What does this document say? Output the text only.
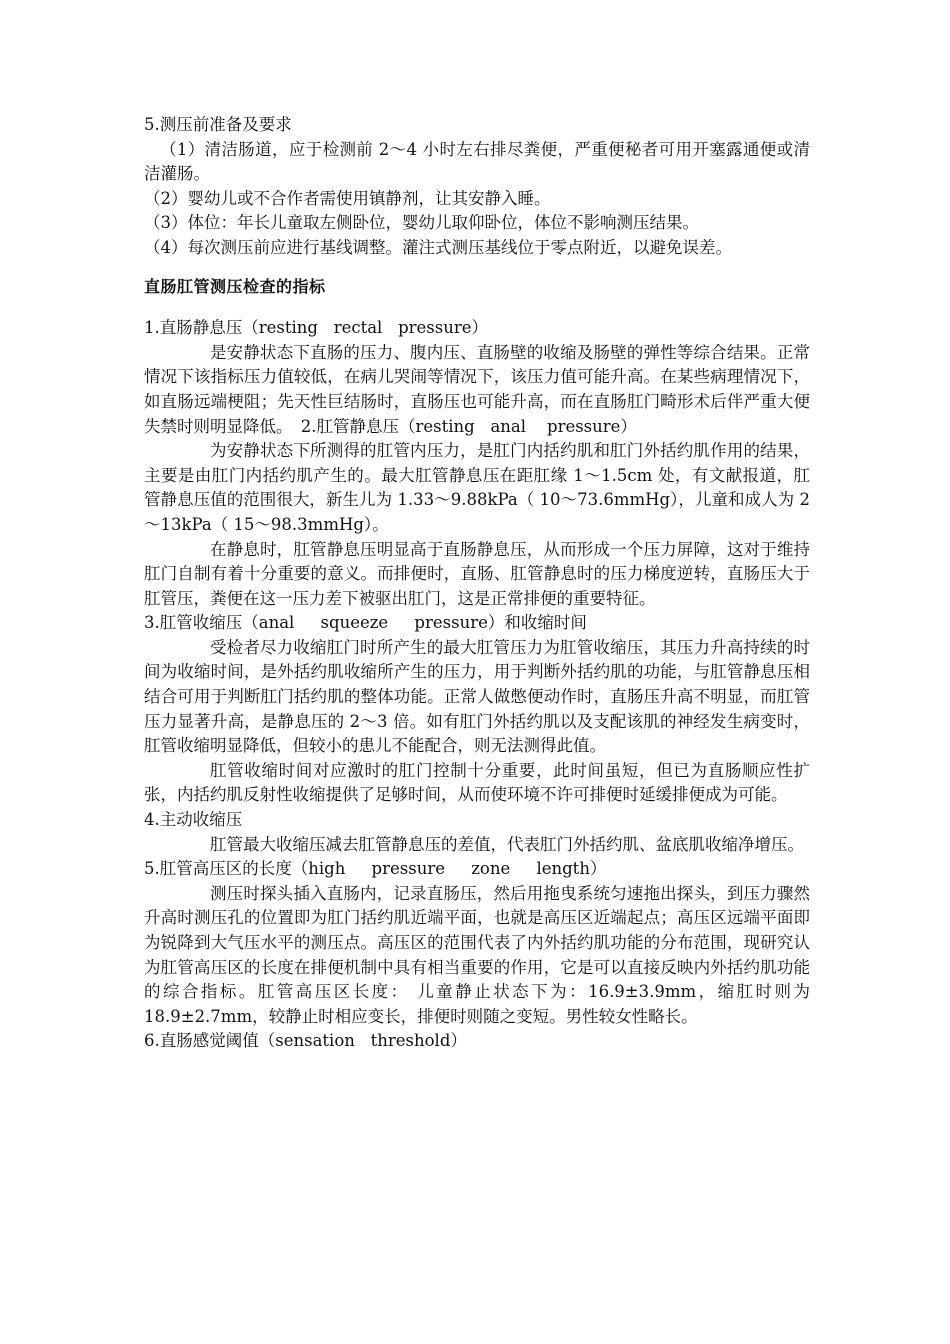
5.测压前准备及要求
（1）清洁肠道，应于检测前 2～4 小时左右排尽粪便，严重便秘者可用开塞露通便或清洁灌肠。
（2）婴幼儿或不合作者需使用镇静剂，让其安静入睡。
（3）体位：年长儿童取左侧卧位，婴幼儿取仰卧位，体位不影响测压结果。
（4）每次测压前应进行基线调整。灌注式测压基线位于零点附近，以避免误差。
直肠肛管测压检查的指标
1.直肠静息压（resting   rectal   pressure）
是安静状态下直肠的压力、腹内压、直肠壁的收缩及肠壁的弹性等综合结果。正常情况下该指标压力值较低，在病儿哭闹等情况下，该压力值可能升高。在某些病理情况下，如直肠远端梗阻；先天性巨结肠时，直肠压也可能升高，而在直肠肛门畸形术后伴严重大便失禁时则明显降低。　2.肛管静息压（resting   anal    pressure）
为安静状态下所测得的肛管内压力，是肛门内括约肌和肛门外括约肌作用的结果，主要是由肛门内括约肌产生的。最大肛管静息压在距肛缘 1～1.5cm 处，有文献报道，肛管静息压值的范围很大，新生儿为 1.33～9.88kPa（ 10～73.6mmHg），儿童和成人为 2～13kPa（ 15～98.3mmHg）。
在静息时，肛管静息压明显高于直肠静息压，从而形成一个压力屏障，这对于维持肛门自制有着十分重要的意义。而排便时，直肠、肛管静息时的压力梯度逆转，直肠压大于肛管压，粪便在这一压力差下被驱出肛门，这是正常排便的重要特征。
3.肛管收缩压（anal     squeeze     pressure）和收缩时间
受检者尽力收缩肛门时所产生的最大肛管压力为肛管收缩压，其压力升高持续的时间为收缩时间，是外括约肌收缩所产生的压力，用于判断外括约肌的功能，与肛管静息压相结合可用于判断肛门括约肌的整体功能。正常人做憋便动作时，直肠压升高不明显，而肛管压力显著升高，是静息压的 2～3 倍。如有肛门外括约肌以及支配该肌的神经发生病变时，肛管收缩明显降低，但较小的患儿不能配合，则无法测得此值。
肛管收缩时间对应激时的肛门控制十分重要，此时间虽短，但已为直肠顺应性扩张，内括约肌反射性收缩提供了足够时间，从而使环境不许可排便时延缓排便成为可能。
4.主动收缩压
肛管最大收缩压减去肛管静息压的差值，代表肛门外括约肌、盆底肌收缩净增压。
5.肛管高压区的长度（high     pressure     zone     length）
测压时探头插入直肠内，记录直肠压，然后用拖曳系统匀速拖出探头，到压力骤然升高时测压孔的位置即为肛门括约肌近端平面，也就是高压区近端起点；高压区远端平面即为锐降到大气压水平的测压点。高压区的范围代表了内外括约肌功能的分布范围，现研究认为肛管高压区的长度在排便机制中具有相当重要的作用，它是可以直接反映内外括约肌功能的综合指标。肛管高压区长度： 儿童静止状态下为：16.9±3.9mm，缩肛时则为 18.9±2.7mm，较静止时相应变长，排便时则随之变短。男性较女性略长。
6.直肠感觉阈值（sensation   threshold）
